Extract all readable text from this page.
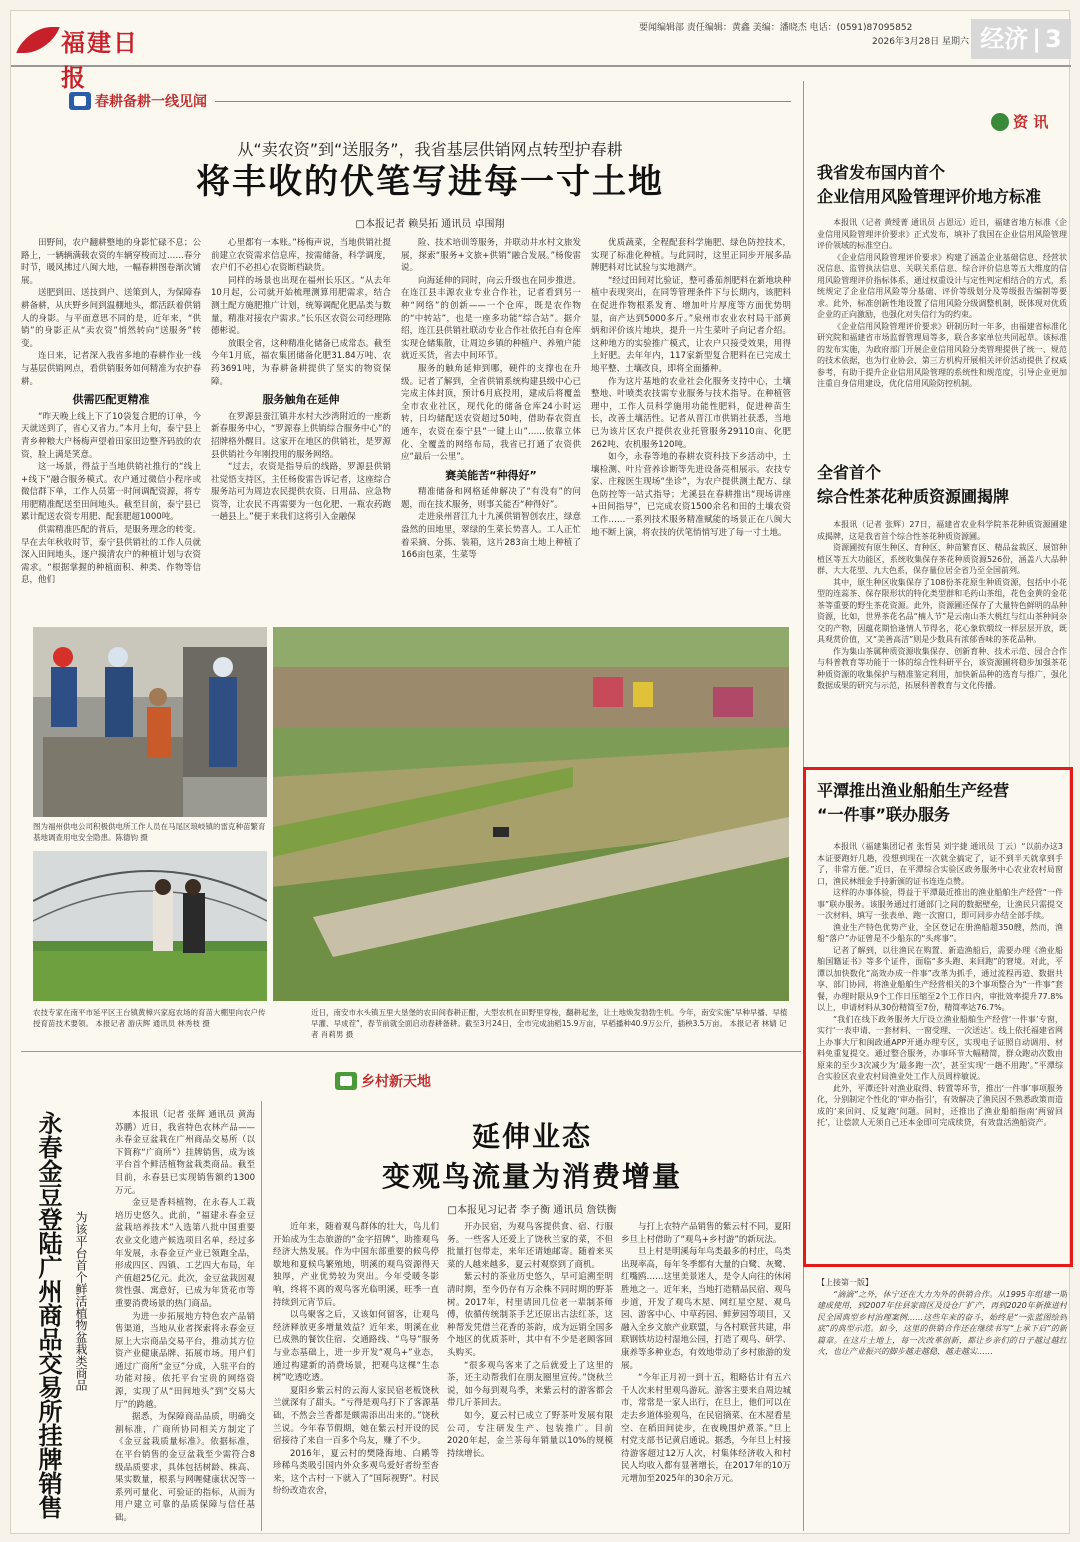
福建日报
要闻编辑部 责任编辑：黄鑫 美编：潘晓杰 电话：(0591)87095852
2026年3月28日 星期六 经济 | 3
春耕备耕一线见闻
从“卖农资”到“送服务”，我省基层供销网点转型护春耕
将丰收的伏笔写进每一寸土地
□本报记者 赖昊拓 通讯员 卓围翔

田野间，农户翻耕整地的身影忙碌不息；公路上，一辆辆满载农资的车辆穿梭而过……春分时节，暖风拂过八闽大地，一幅春耕图卷渐次铺展。

送肥到田、送技到户、送策到人，为保障春耕备耕，从庆野乡间到温棚地头，都活跃着供销人的身影。与平面意思不同的是，近年来，“供销”的身影正从“卖农资”悄然转向“送服务”转变。

连日来，记者深入我省多地的春耕作业一线与基层供销网点，看供销服务如何精准为农护春耕。

供需匹配更精准

“昨天晚上线上下了10袋复合肥的订单，今天就送到了，省心又省力。”本月上旬，泰宁县上青乡种粮大户杨梅声望着田家田边整齐码放的农资，脸上满是笑意。

这一场景，得益于当地供销社推行的“线上+线下”融合服务模式。农户通过微信小程序或微信群下单，工作人员第一时间调配资源，将专用肥精准配送至田间地头。截至目前，泰宁县已累计配送农资专用肥、配套肥超1000吨。

供需精准匹配的背后，是服务理念的转变。早在去年秋收时节，泰宁县供销社的工作人员就深入田间地头，逐户摸清农户的种植计划与农资需求。“根据掌握的种植面积、种类、作物等信息，他们

心里都有一本账。”杨梅声说，当地供销社提前建立农资需求信息库，按需储备，科学调度，农户们不必担心农资断档缺货。

同样的场景也出现在福州长乐区。“从去年10月起，公司就开始梳理测算用肥需求，结合测土配方施肥推广计划，统筹调配化肥品类与数量，精准对接农户需求。”长乐区农资公司经理陈德彬说。

放眼全省，这种精准化储备已成常态。截至今年1月底，福农集团储备化肥31.84万吨、农药3691吨，为春耕备耕提供了坚实的物资保障。

服务触角在延伸

在罗源县蚕江镇井水村大沙湾附近的一座新新春服务中心，“罗源春上供销综合服务中心”的招牌格外醒目。这家开在地区的供销社，是罗源县供销社今年刚投用的服务网络。

“过去，农资是指导后的线路，罗源县供销社觉悟支持区，主任杨俊雷告诉记者，这座综合服务站可为周边农民提供农资、日用品、应急物资等，让农民不再需要为一包化肥、一瓶农药跑一趟县上。”便于来我们这将引入金融保

险、技术培训等服务，并联动井水村文旅发展，探索“服务+文旅+供销”融合发展。”杨俊雷说。

向海延伸的同时，向云升级也在同步推进。在连江县丰源农业专业合作社，记者看到另一种“网络”的创新——一个仓库，既是农作物的“中转站”，也是一座多功能“综合站”。据介绍，连江县供销社联动专业合作社依托自有仓库实现仓储集散，让周边乡镇的种植户、养殖户能就近买货，省去中间环节。

服务的触角延伸到哪，硬件的支撑也在升级。记者了解到，全省供销系统构建县级中心已完成主体封顶，预计6月底投用，建成后将覆盖全市农业社区，现代化的储备仓库24小时运转，日均储配送农资超过50吨，借助春农资直通车，农资在泰宁县“一键上山”……依靠立体化、全覆盖的网络布局，我省已打通了农资供应“最后一公里”。

赛美能苦“种得好”

精准储备和网格延伸解决了“有没有”的问题，而在技术服务，则事关能否“种得好”。

走进泉州晋江九十九溪供销智创农庄，绿意盎然的田地里，翠绿的生菜长势喜人。工人正忙着采摘、分拣、装箱，这片283亩土地上种植了166亩包菜，生菜等

优质蔬菜，全程配套科学施肥、绿色防控技术，实现了标准化种植。与此同时，这里正同步开展多品牌肥料对比试验与实地测产。

“经过田间对比验证，整可番茄剂肥料在新地块种植中表现突出，在同等管理条件下与长期内，该肥料在促进作物根系发育、增加叶片厚度等方面优势明显，亩产达到5000多斤。”泉州市农业农村局干部黄炳和评价该片地块，提升一片生菜叶子向记者介绍。这种地方的实验推广模式，让农户只接受效果，用得上好肥。去年年内，117家新型复合肥料在已完成土地平整、土壤改良，即将全面播种。

作为这片基地的农业社会化服务支持中心，土壤整地、叶喷类农技需专业服务与技术指导。在种植管理中，工作人员科学施用功能性肥料，促进种苗生长，改善土壤活性。记者从晋江市供销社获悉，当地已为该片区农户提供农业托管服务29110亩、化肥262吨、农机服务120吨。

如今，永春等地的春耕农资科技下乡活动中，土壤检测、叶片营养诊断等先进设备亮相展示。农技专家、庄稼医生现场“坐诊”，为农户提供测土配方、绿色防控等一站式指导；尤溪县在春耕推出“现场讲座+田间指导”，已完成农资1500余名和田的土壤农资工作……一系列技术服务精准赋能的场景正在八闽大地不断上演，将农技的伏笔悄悄写进了每一寸土地。

图为福州供电公司积极供电所工作人员在马尾区琅岐镇的雷克种苗繁育基地调查用电安全隐患。陈德钧 摄
农技专家在南平市延平区王台镇黄樟兴家庭农场的育苗大棚里向农户传授育苗技术要领。 本报记者 游庆辉 通讯员 林秀枝 摄
近日，南安市水头镇五里大垦堡的农田间春耕正酣，大型农机在田野里穿梭，翻耕起垄，让土地焕发勃勃生机。今年，南安实施“早种早播、早植早灌、早成茬”，春节前就全面启动春耕备耕。截至3月24日，全市完成油稻15.9万亩，早稻播种40.9万公斤，插秧3.5万亩。 本报记者 林婧 记者 肖莉男 摄
乡村新天地
永春金豆登陆广州商品交易所挂牌销售	为该平台首个鲜活植物盆栽类商品

本报讯（记者 张辉 通讯员 黄海 苏鹏）近日，我省特色农林产品——永春金豆盆栽在广州商品交易所（以下简称“广商所”）挂牌销售，成为该平台首个鲜活植物盆栽类商品。截至目前，永春县已实现销售额约1300万元。

金豆是香料植物，在永春人工栽培历史悠久。此前，“福建永春金豆盆栽培养技术”入选第八批中国重要农业文化遗产候选项目名单，经过多年发展，永春金豆产业已领跑全品，形成四区、四镇、工艺四大布局，年产值超25亿元。此次，金豆盆栽因观赏性强、寓意好，已成为年货花市等重要消费场景的热门商品。

为进一步拓展地方特色农产品销售渠道，当地从业者探索将永春金豆原上大宗商品交易平台，推动其方位资产业健康品牌、拓展市场。用户们通过广商所“金豆”分成，入驻平台的功能对接，依托平台宝贵的网络资源，实现了从“田间地头”到“交易大厅”的跨越。

据悉，为保障商品品质，明确交割标准，广商所协同相关方制定了《金豆盆栽质量标准》。依据标准，在平台销售的金豆盆栽至少需符合8级品质要求，具体包括树龄、株高、果实数量，根系与网喱健康状况等一系列可量化、可验证的指标，从而为用户建立可靠的品质保障与信任基础。

延伸业态
变观鸟流量为消费增量
□本报见习记者 李子衡 通讯员 詹铁衡

近年来，随着观鸟群体的壮大，鸟儿们开始成为生态旅游的“金字招牌”，助推观鸟经济大热发展。作为中国东部重要的候鸟停歇地和夏候鸟繁殖地，明溪的观鸟资源得天独厚，产业优势较为突出。今年受暖冬影响，终将不离的观鸟客光临明溪，旺季一直持续到元宵节后。

以鸟聚客之后，又该如何留客，让观鸟经济释放更多增量效益？近年来，明溪在业已成熟的餐饮住宿、交通路线、“鸟导”服务与业态基础上，进一步开发“观鸟+”业态，通过构建新的消费场景，把观鸟这棵“生态树”吃透吃透。

夏阳乡紫云村的云海人家民宿老板饶秋兰就深有了甜头。“亏得是观鸟打下了客源基础，不然会兰香都是颇需添出出来的。”饶秋兰说。今年春节假期，她在紫云村开设的民宿接待了来自一百多个鸟友，赚了不少。

2016年，夏云村的樊隆海地、白鹇等珍稀鸟类吸引国内外众多观鸟爱好者纷至沓来，这个古村一下就入了“国际视野”。村民纷纷改造农舍，

开办民宿，为观鸟客提供食、宿、行服务。一些客人还爱上了饶秋兰家的菜，不但批量打包带走，来年还请她邮寄。随着来买菜的人越来越多，夏云村观察到了商机。

紫云村的茶业历史悠久，早可追溯至明清时期，至今仍存有万余株不同时期的野茶树。2017年，村里请回几位老一辈制茶师傅，依循传统制茶手艺还原出古法红茶，这种帮发凭借兰花香的茶韵，成为远销全国多个地区的优质茶叶，其中有不少是老顾客回头购买。

“很多观鸟客来了之后就爱上了这里的茶，还主动帮我们在朋友圈里宣传。”饶秋兰说，如今每到观鸟季，来紫云村的游客都会带几斤茶回去。

如今，夏云村已成立了野茶叶发展有限公司，专注研发生产、包装推广。目前2020年起，金兰茶每年销量以10%的规模持续增长。

与打上农特产品销售的紫云村不同，夏阳乡旦上村借助了“观鸟+乡村游”的新玩法。

旦上村是明溪每年鸟类最多的村庄，鸟类出现率高，每年冬季都有大量的白鹭、灰鹭、红嘴鸥……这里美景迷人，是令人向往的休闲胜地之一。近年来，当地打造精品民宿、观鸟步道，开发了观鸟木屋、网红星空屋、观鸟园、游客中心、中草药园、鲜萝园等项目，又融入全乡文旅产业联盟，与各村联营共建，串联钢铁坊边村湿地公园，打造了观鸟、研学、康养等多种业态，有效地带动了乡村旅游的发展。

“今年正月初一到十五，粗略估计有五六千人次来村里观鸟游玩。游客主要来自周边城市，常常是一家人出行，在旦上，他们可以在走去乡道体验观鸟，在民宿摘菜、在木屋看星空、在稻田间徒步，在夜晚围炉煮茶。”旦上村党支部书记黄启通说。据悉，今年旦上村接待游客超过12万人次，村集体经济收入和村民人均收入都有显著增长，在2017年的10万元增加至2025年的30余万元。

资 讯
我省发布国内首个
企业信用风险管理评价地方标准

本报讯（记者 黄绶菁 通讯员 占恩远）近日，福建省地方标准《企业信用风险管理评价要求》正式发布，填补了我国在企业信用风险管理评价领域的标准空白。

《企业信用风险管理评价要求》构建了涵盖企业基础信息、经营状况信息、监管执法信息、关联关系信息、综合评价信息等五大维度的信用风险管理评价指标体系，通过权重设计与定性判定相结合的方式，系统规定了企业信用风险等分基础、评价等级划分及等级报告编制等要求。此外，标准创新性地设置了信用风险分级调整机制，既体现对优质企业的正向激励，也强化对失信行为的约束。

《企业信用风险管理评价要求》研制历时一年多，由福建省标准化研究院和福建省市场监督管理局等多，联合多家单位共同起草。该标准的发布实施，为政府部门开展企业信用风险分类管理提供了统一、规范的技术依据，也为行业协会、第三方机构开展相关评价活动提供了权威参考，有助于提升企业信用风险管理的系统性和规范度，引导企业更加注重自身信用建设，优化信用风险防控机制。

全省首个
综合性茶花种质资源圃揭牌

本报讯（记者 张辉）27日，福建省农业科学院茶花种质资源圃建成揭牌，这是我省首个综合性茶花种质资源圃。

资源圃按有原生种区、育种区、种苗繁育区、精品盆栽区、展馆种植区等五大功能区，系统收集保存茶花种质资源526份，涵盖八大品种群、大大花型、九大色系，保存量位居全省乃至全国前列。

其中，原生种区收集保存了108份茶花原生种质资源，包括中小花型的连蕊茶、保存限形状的特化类型群和毛药山茶组，花色金黄的金花茶等重要的野生茶花资源。此外，资源圃还保存了大量特色鲜明的品种资源，比如，世界茶花名品“楠人节”是云南山茶大桃红与红山茶种间杂交的产物，因蕴花期恰逢情人节得名，花心象软缎纹一样层层开放，既具观赏价值，又“美善高洁”则是少数具有浓郁香味的茶花品种。

作为集山茶属种质资源收集保存、创新育种、技术示范、园合合作与科普教育等功能于一体的综合性科研平台，该资源圃将稳步加强茶花种质资源的收集保护与精准鉴定利用，加快新品种的选育与推广，强化数据成果的研究与示范，拓展科普教育与文化传播。

平潭推出渔业船舶生产经营
“一件事”联办服务

本报讯（福建集团记者 张哲昊 刘宇捷 通讯员 丁云）“以前办这3本证要跑好几趟，没想到现在一次就全搞定了，证不到半天就拿到手了，非常方便。”近日，在平潭综合实验区政务服务中心农业农村局窗口，渔民林细金手持新颁的证书连连点赞。

这样的办事体验，得益于平潭最近推出的渔业船舶生产经营“一件事”联办服务。该服务通过打通部门之间的数据壁垒，让渔民只需提交一次材料、填写一张表单、跑一次窗口，即可同步办结全部手续。

渔业生产特色优势产业，全区登记在册渔船超350艘，然而，渔船“落户”办证曾是不少船东的“头疼事”。

记者了解到，以往渔民在购置、新造渔船后，需要办理《渔业船舶国籍证书》等多个证件，面临“多头跑、来回跑”的窘境。对此，平潭以加快数化“高效办成一件事”改革为抓手，通过流程再造、数据共享、部门协同，将渔业船舶生产经营相关的3个事项整合为“一件事”套餐，办理时限从9个工作日压缩至2个工作日内，审批效率提升77.8%以上，申请材料从30份精简至7份，精简率达76.7%。

“我们在线下政务服务大厅设立渔业船舶生产经营‘一件事’专窗，实行‘一表申请、一套材料、一窗受理、一次送达’。线上依托福建省网上办事大厅和闽政通APP开通办理专区，实现电子证照自动调用、材料免重复提交。通过整合服务，办事环节大幅精简，群众跑动次数由原来的至少3次减少为‘最多跑一次’，甚至实现‘一趟不用跑’。”平潭综合实验区农业农村局渔业处工作人员周梓敏说。

此外，平潭还针对渔业取得、转置等环节，推出‘一件事’事项服务化，分别制定个性化的‘审办指引’，有效解决了渔民因不熟悉政策而造成的‘来回问、反复跑’问题。同时，还推出了渔业船舶指南‘两留回托’，让偿款人无须自己还本金即可完成续贷，有效盘活渔船资产。

【上接第一版】

“滴滴”之外，休宁还在大力为外的供销合作。从1995年组建一期建成使用，到2007年住县家商区及设仓厂扩产，再到2020年新推进村民全国典型乡村治理案例……这些年来的奋斗，始终是“一张蓝图绘到底”的典型示范。如今，这里的供销合作还在继续书写“上承下启”的新篇章。在这片土地上，每一次改革创新，都让乡亲们的日子越过越红火，也让产业振兴的脚步越走越稳、越走越实……
